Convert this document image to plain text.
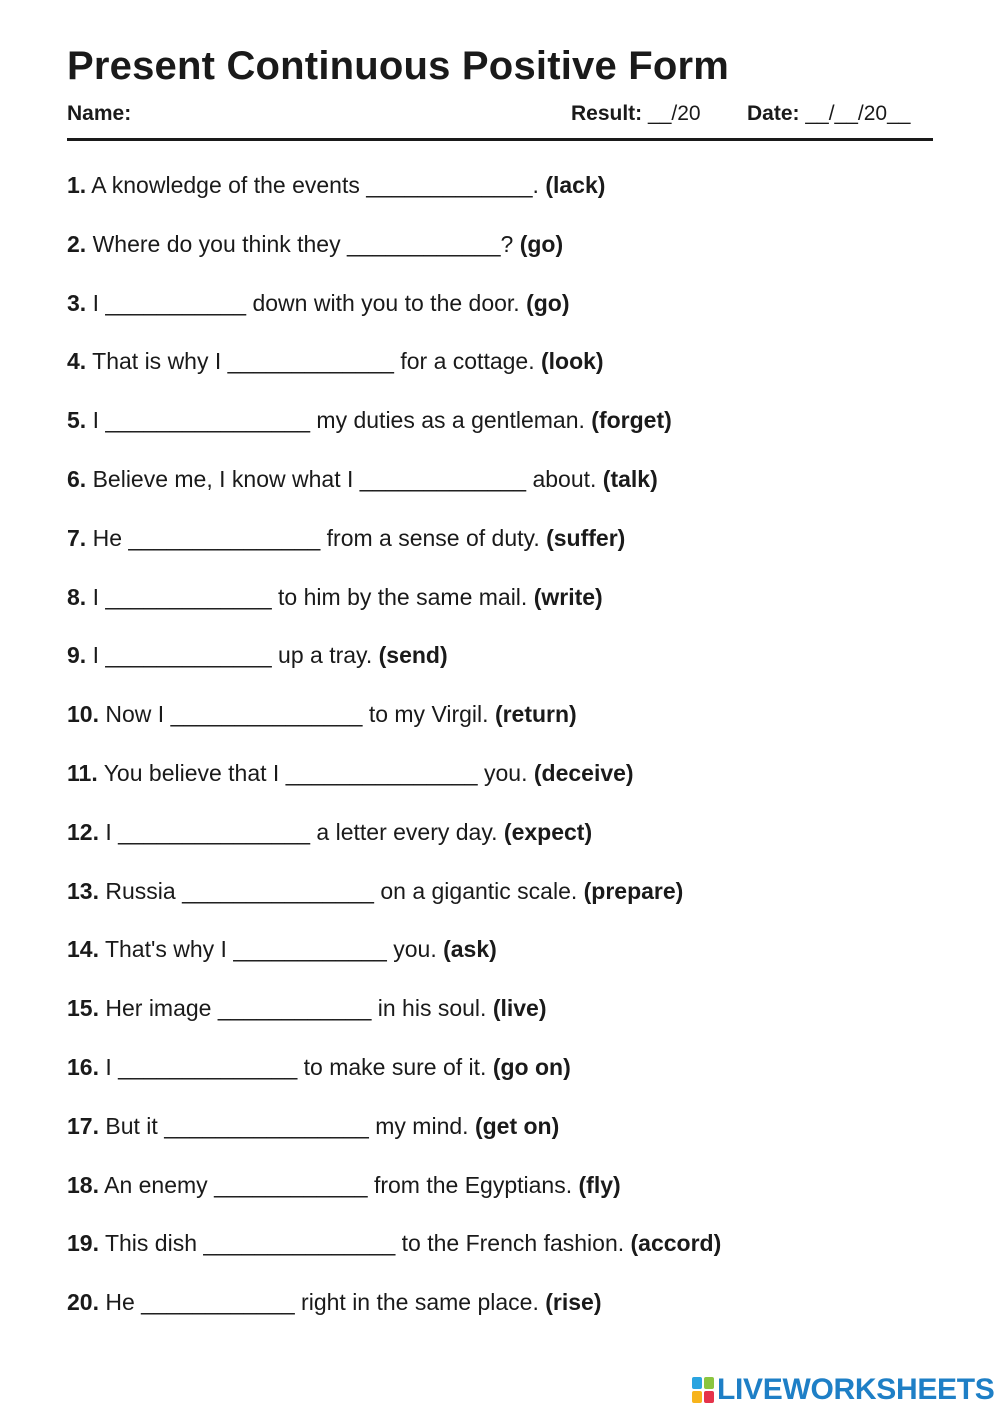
Present Continuous Positive Form
Name:	Result: __/20 Date: __/__/20__
1. A knowledge of the events _____________. (lack)
2. Where do you think they ____________? (go)
3. I ___________ down with you to the door. (go)
4. That is why I _____________ for a cottage. (look)
5. I ________________ my duties as a gentleman. (forget)
6. Believe me, I know what I _____________ about. (talk)
7. He _______________ from a sense of duty. (suffer)
8. I _____________ to him by the same mail. (write)
9. I _____________ up a tray. (send)
10. Now I _______________ to my Virgil. (return)
11. You believe that I _______________ you. (deceive)
12. I _______________ a letter every day. (expect)
13. Russia _______________ on a gigantic scale. (prepare)
14. That's why I ____________ you. (ask)
15. Her image ____________ in his soul. (live)
16. I ______________ to make sure of it. (go on)
17. But it ________________ my mind. (get on)
18. An enemy ____________ from the Egyptians. (fly)
19. This dish _______________ to the French fashion. (accord)
20. He ____________ right in the same place. (rise)
LIVEWORKSHEETS
